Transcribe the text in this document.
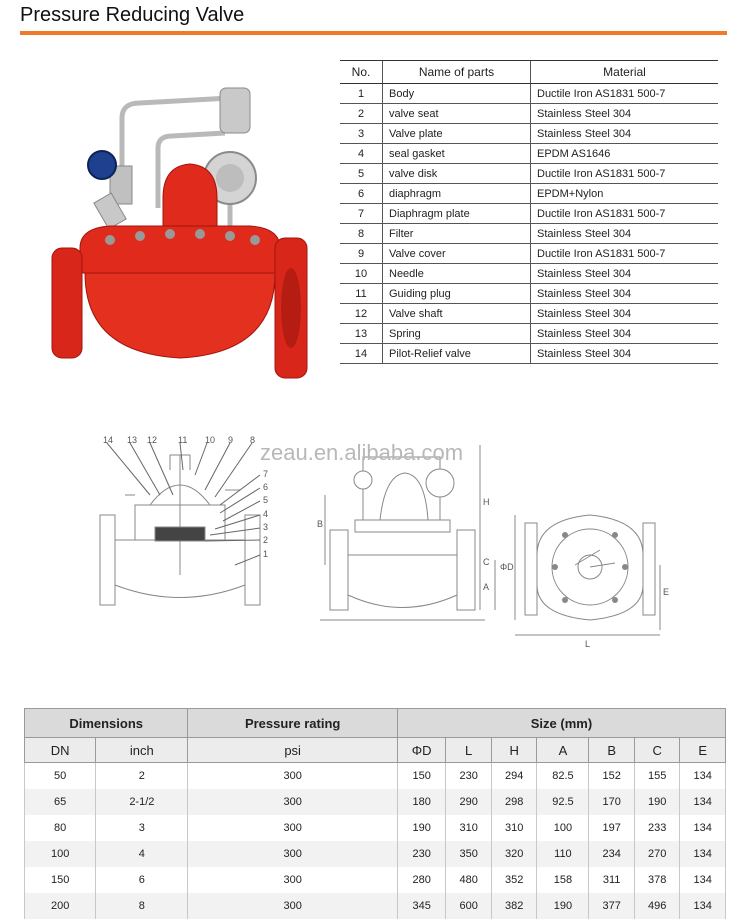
Pressure Reducing Valve
No.	Name of parts	Material
1	Body	Ductile Iron AS1831 500-7
2	valve seat	Stainless Steel 304
3	Valve plate	Stainless Steel 304
4	seal gasket	EPDM AS1646
5	valve disk	Ductile Iron AS1831 500-7
6	diaphragm	EPDM+Nylon
7	Diaphragm plate	Ductile Iron AS1831 500-7
8	Filter	Stainless Steel 304
9	Valve cover	Ductile Iron AS1831 500-7
10	Needle	Stainless Steel 304
11	Guiding plug	Stainless Steel 304
12	Valve shaft	Stainless Steel 304
13	Spring	Stainless Steel 304
14	Pilot-Relief valve	Stainless Steel 304
14 13 12 11 10 9 8
7
6
5
4
3
2
1
B
H
C
A
ΦD
L
E
zeau.en.alibaba.com
Dimensions		Pressure rating	Size (mm)						
DN	inch	psi	ΦD	L	H	A	B	C	E
50	2	300	150	230	294	82.5	152	155	134
65	2-1/2	300	180	290	298	92.5	170	190	134
80	3	300	190	310	310	100	197	233	134
100	4	300	230	350	320	110	234	270	134
150	6	300	280	480	352	158	311	378	134
200	8	300	345	600	382	190	377	496	134
